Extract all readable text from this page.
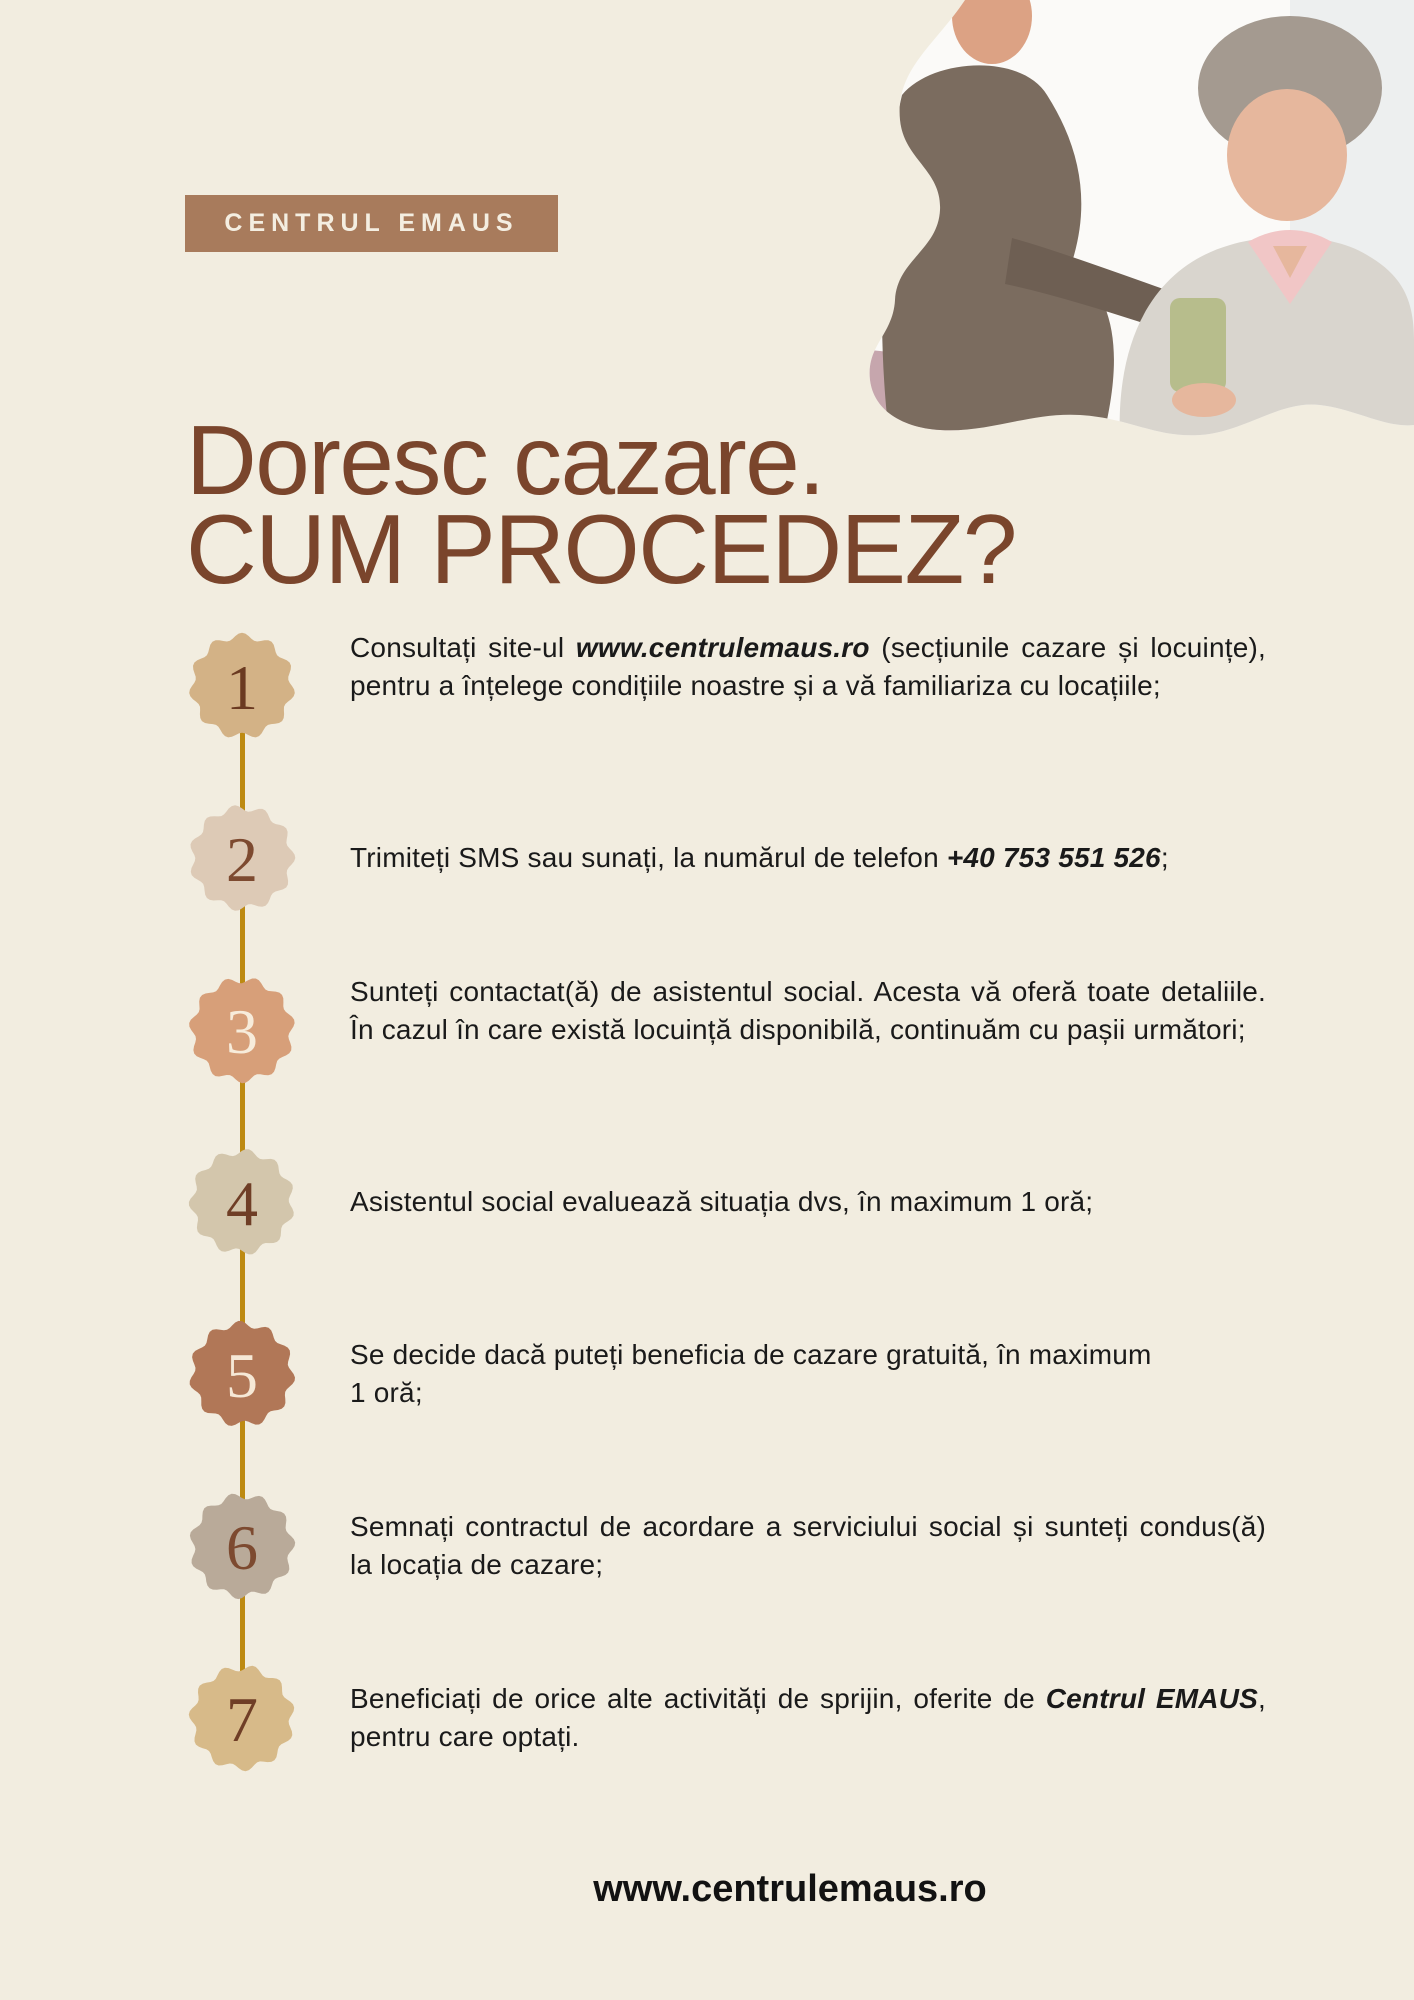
CENTRUL EMAUS
Doresc cazare.
CUM PROCEDEZ?
1
2
3
4
5
6
7

Consultați site-ul www.centrulemaus.ro (secțiunile cazare și locuințe), pentru a înțelege condițiile noastre și a vă familiariza cu locațiile;

Trimiteți SMS sau sunați, la numărul de telefon +40 753 551 526;

Sunteți contactat(ă) de asistentul social. Acesta vă oferă toate detaliile. În cazul în care există locuință disponibilă, continuăm cu pașii următori;

Asistentul social evaluează situația dvs, în maximum 1 oră;

Se decide dacă puteți beneficia de cazare gratuită, în maximum
1 oră;

Semnați contractul de acordare a serviciului social și sunteți condus(ă) la locația de cazare;

Beneficiați de orice alte activități de sprijin, oferite de Centrul EMAUS, pentru care optați.

www.centrulemaus.ro
